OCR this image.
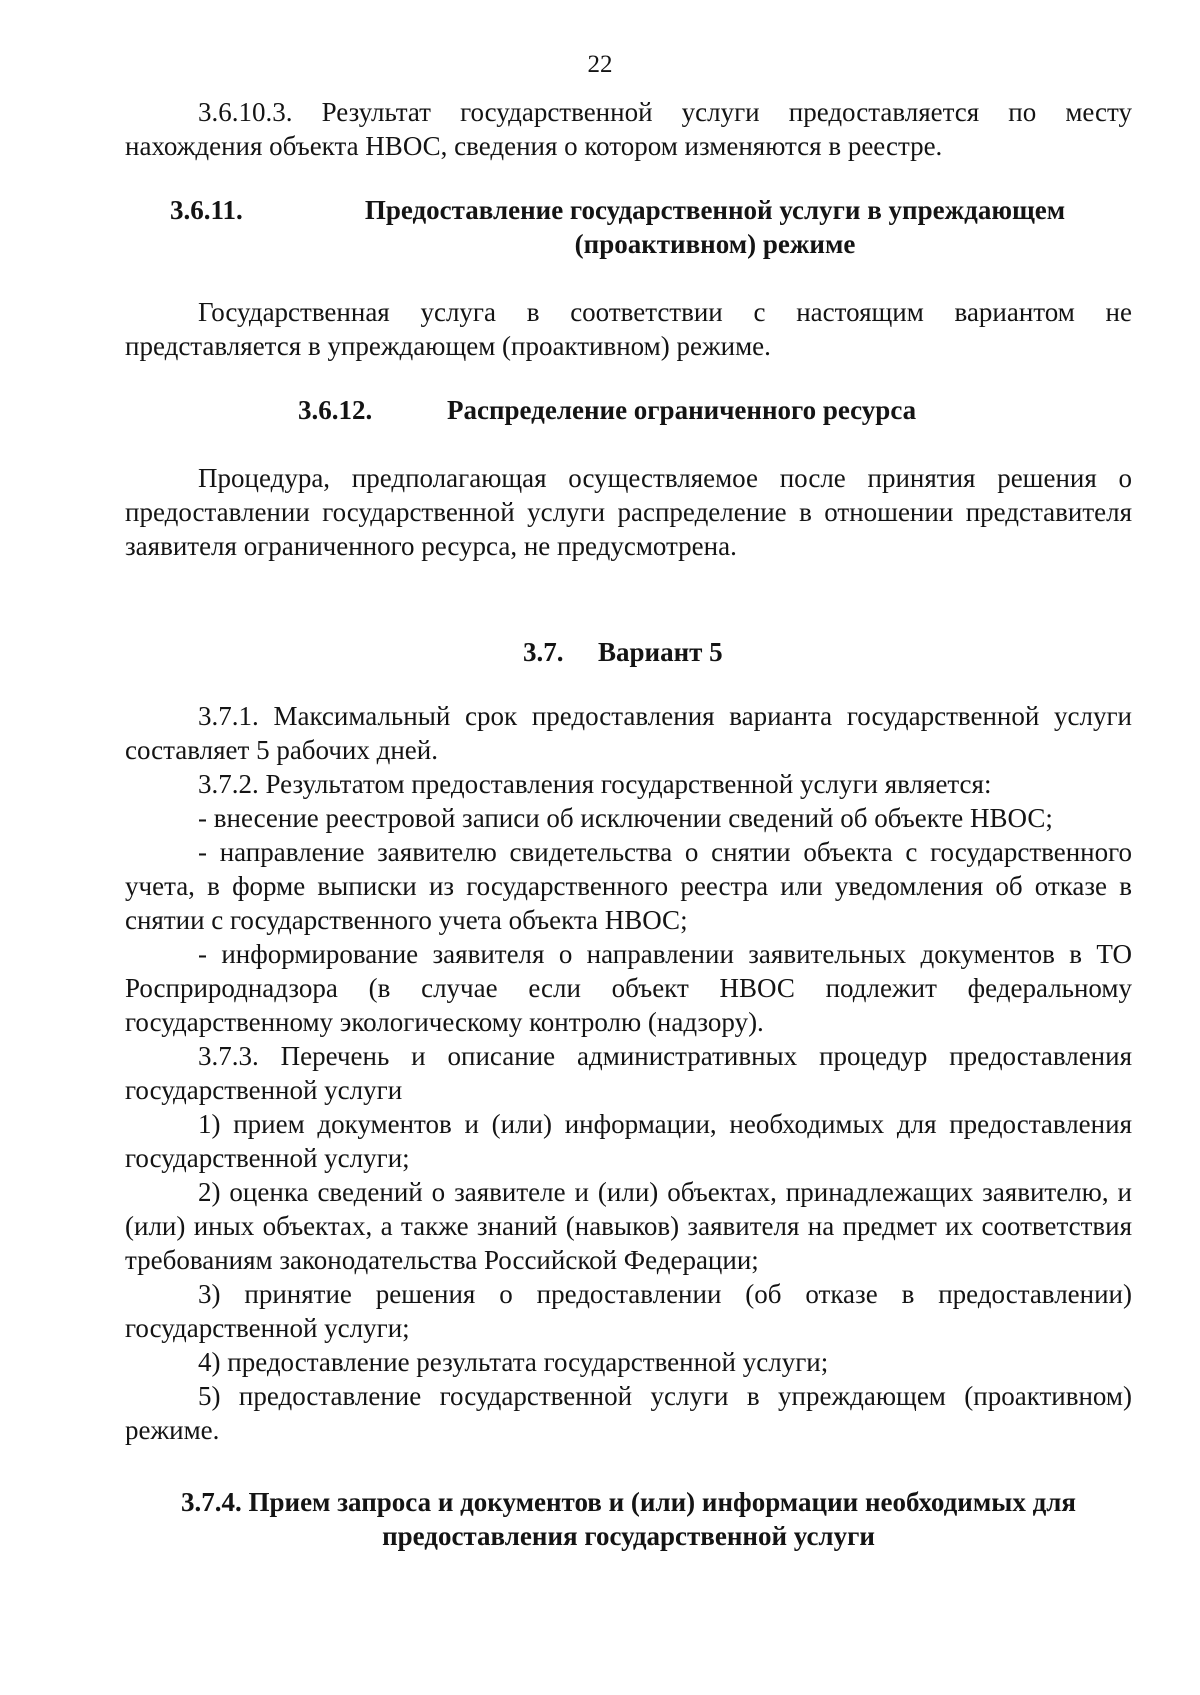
22

3.6.10.3. Результат государственной услуги предоставляется по месту нахождения объекта НВОС, сведения о котором изменяются в реестре.

3.6.11.	Предоставление государственной услуги в упреждающем (проактивном) режиме

Государственная услуга в соответствии с настоящим вариантом не представляется в упреждающем (проактивном) режиме.

3.6.12.	Распределение ограниченного ресурса

Процедура, предполагающая осуществляемое после принятия решения о предоставлении государственной услуги распределение в отношении представителя заявителя ограниченного ресурса, не предусмотрена.

3.7. Вариант 5

3.7.1. Максимальный срок предоставления варианта государственной услуги составляет 5 рабочих дней.

3.7.2. Результатом предоставления государственной услуги является:

- внесение реестровой записи об исключении сведений об объекте НВОС;

- направление заявителю свидетельства о снятии объекта с государственного учета, в форме выписки из государственного реестра или уведомления об отказе в снятии с государственного учета объекта НВОС;

- информирование заявителя о направлении заявительных документов в ТО Росприроднадзора (в случае если объект НВОС подлежит федеральному государственному экологическому контролю (надзору).

3.7.3. Перечень и описание административных процедур предоставления государственной услуги

1) прием документов и (или) информации, необходимых для предоставления государственной услуги;

2) оценка сведений о заявителе и (или) объектах, принадлежащих заявителю, и (или) иных объектах, а также знаний (навыков) заявителя на предмет их соответствия требованиям законодательства Российской Федерации;

3) принятие решения о предоставлении (об отказе в предоставлении) государственной услуги;

4) предоставление результата государственной услуги;

5) предоставление государственной услуги в упреждающем (проактивном) режиме.

3.7.4. Прием запроса и документов и (или) информации необходимых для предоставления государственной услуги
